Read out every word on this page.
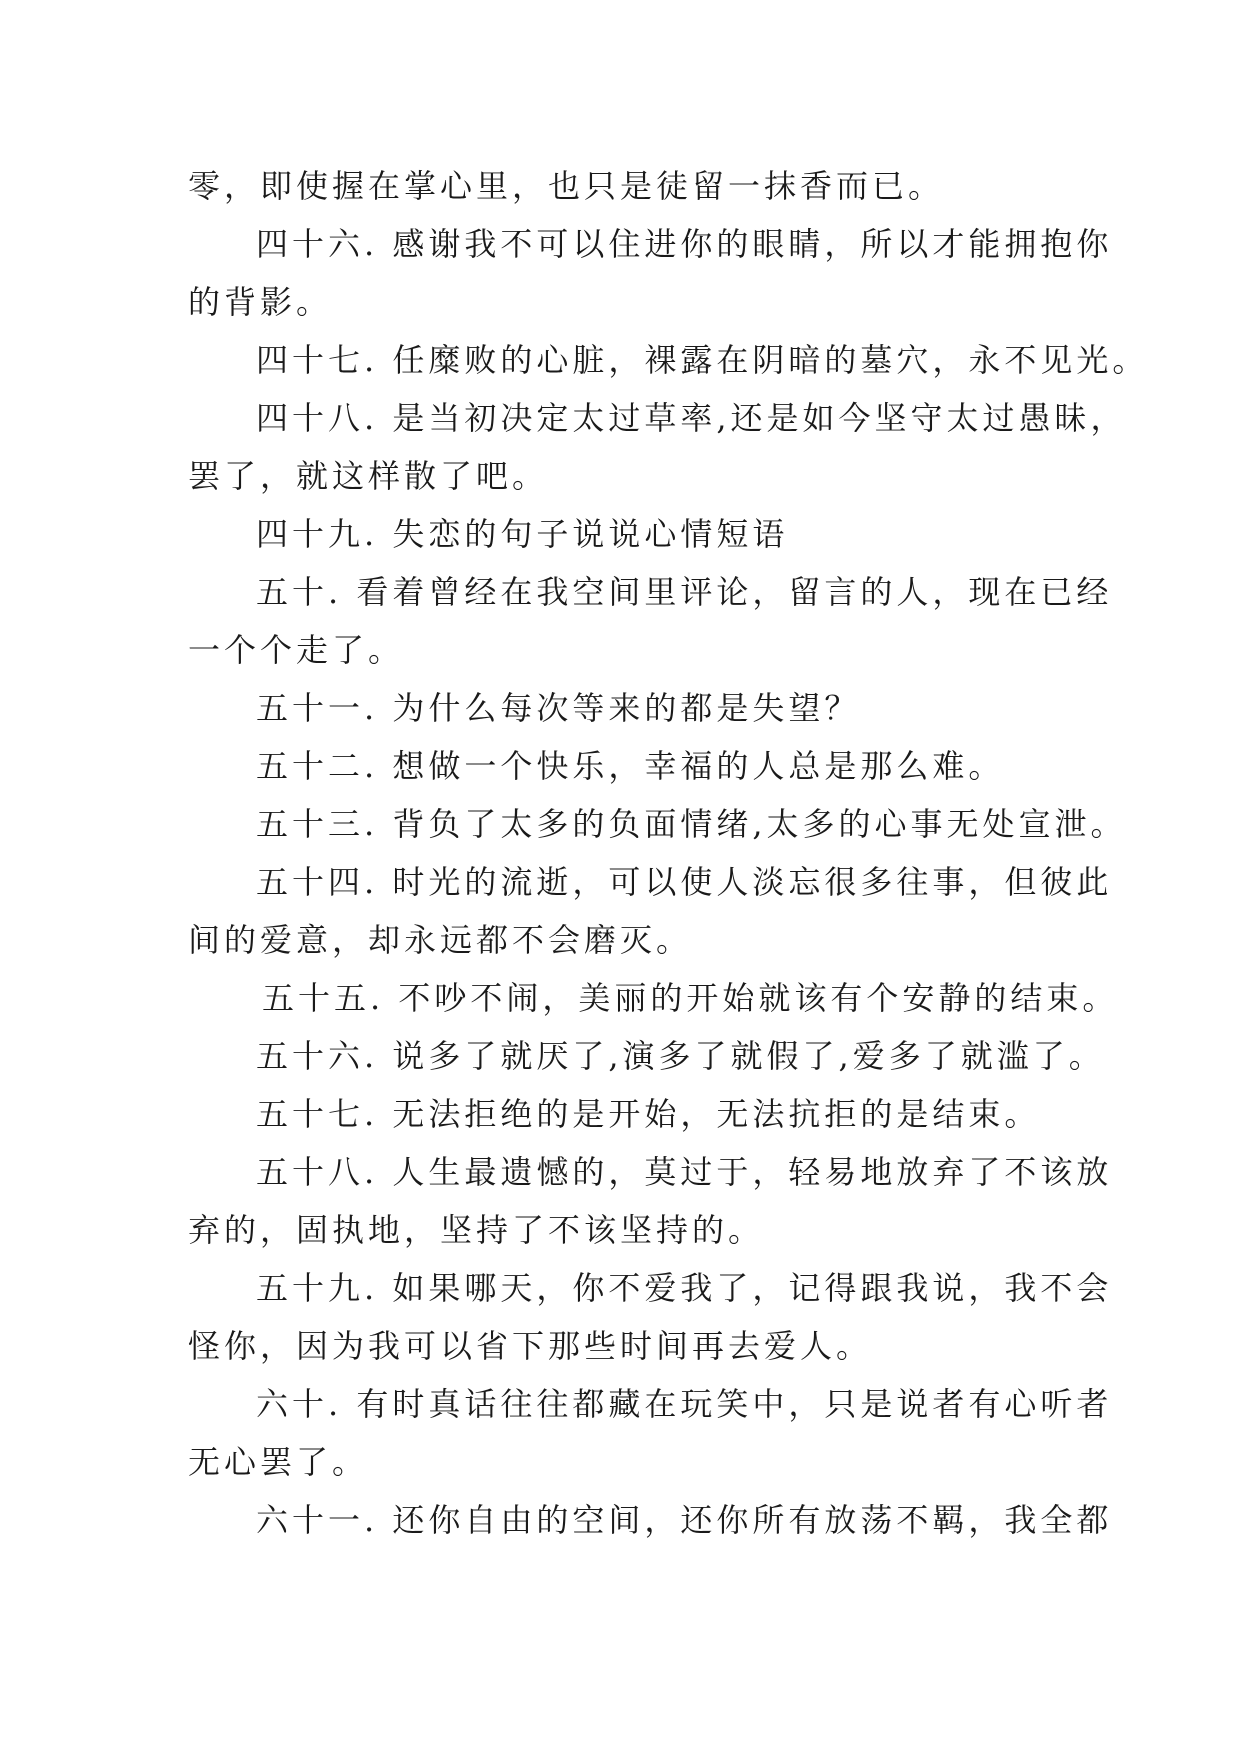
零，即使握在掌心里，也只是徒留一抹香而已。

四十六. 感谢我不可以住进你的眼睛，所以才能拥抱你

的背影。

四十七. 任糜败的心脏，裸露在阴暗的墓穴，永不见光。

四十八. 是当初决定太过草率,还是如今坚守太过愚昧，

罢了，就这样散了吧。

四十九. 失恋的句子说说心情短语

五十. 看着曾经在我空间里评论，留言的人，现在已经

一个个走了。

五十一. 为什么每次等来的都是失望？

五十二. 想做一个快乐，幸福的人总是那么难。

五十三. 背负了太多的负面情绪,太多的心事无处宣泄。

五十四. 时光的流逝，可以使人淡忘很多往事，但彼此

间的爱意，却永远都不会磨灭。

五十五. 不吵不闹，美丽的开始就该有个安静的结束。

五十六. 说多了就厌了,演多了就假了,爱多了就滥了。

五十七. 无法拒绝的是开始，无法抗拒的是结束。

五十八. 人生最遗憾的，莫过于，轻易地放弃了不该放

弃的，固执地，坚持了不该坚持的。

五十九. 如果哪天，你不爱我了，记得跟我说，我不会

怪你，因为我可以省下那些时间再去爱人。

六十. 有时真话往往都藏在玩笑中，只是说者有心听者

无心罢了。

六十一. 还你自由的空间，还你所有放荡不羁，我全都
